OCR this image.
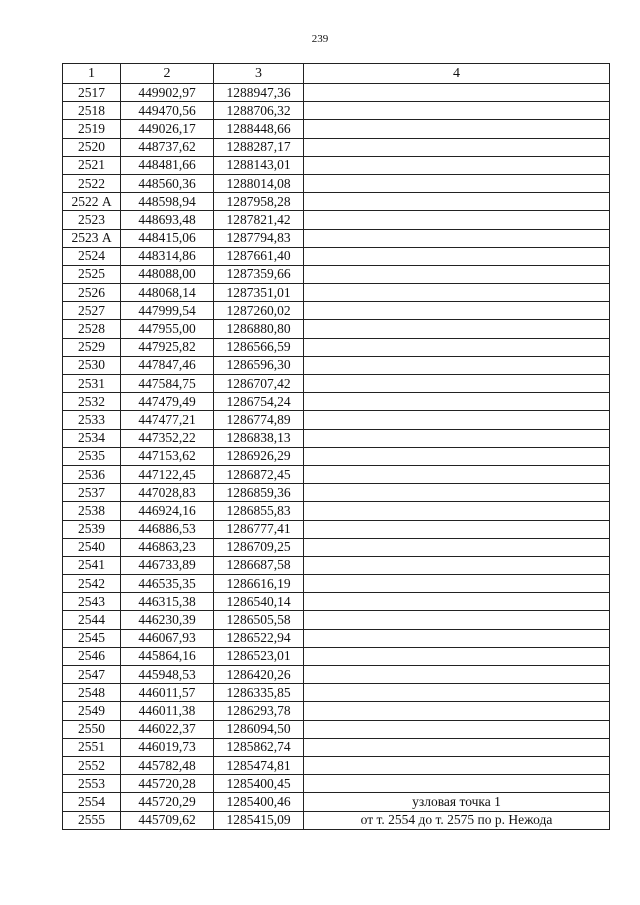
239
1	2	3	4
2517	449902,97	1288947,36	
2518	449470,56	1288706,32	
2519	449026,17	1288448,66	
2520	448737,62	1288287,17	
2521	448481,66	1288143,01	
2522	448560,36	1288014,08	
2522 А	448598,94	1287958,28	
2523	448693,48	1287821,42	
2523 А	448415,06	1287794,83	
2524	448314,86	1287661,40	
2525	448088,00	1287359,66	
2526	448068,14	1287351,01	
2527	447999,54	1287260,02	
2528	447955,00	1286880,80	
2529	447925,82	1286566,59	
2530	447847,46	1286596,30	
2531	447584,75	1286707,42	
2532	447479,49	1286754,24	
2533	447477,21	1286774,89	
2534	447352,22	1286838,13	
2535	447153,62	1286926,29	
2536	447122,45	1286872,45	
2537	447028,83	1286859,36	
2538	446924,16	1286855,83	
2539	446886,53	1286777,41	
2540	446863,23	1286709,25	
2541	446733,89	1286687,58	
2542	446535,35	1286616,19	
2543	446315,38	1286540,14	
2544	446230,39	1286505,58	
2545	446067,93	1286522,94	
2546	445864,16	1286523,01	
2547	445948,53	1286420,26	
2548	446011,57	1286335,85	
2549	446011,38	1286293,78	
2550	446022,37	1286094,50	
2551	446019,73	1285862,74	
2552	445782,48	1285474,81	
2553	445720,28	1285400,45	
2554	445720,29	1285400,46	узловая точка 1
2555	445709,62	1285415,09	от т. 2554 до т. 2575 по р. Нежода
